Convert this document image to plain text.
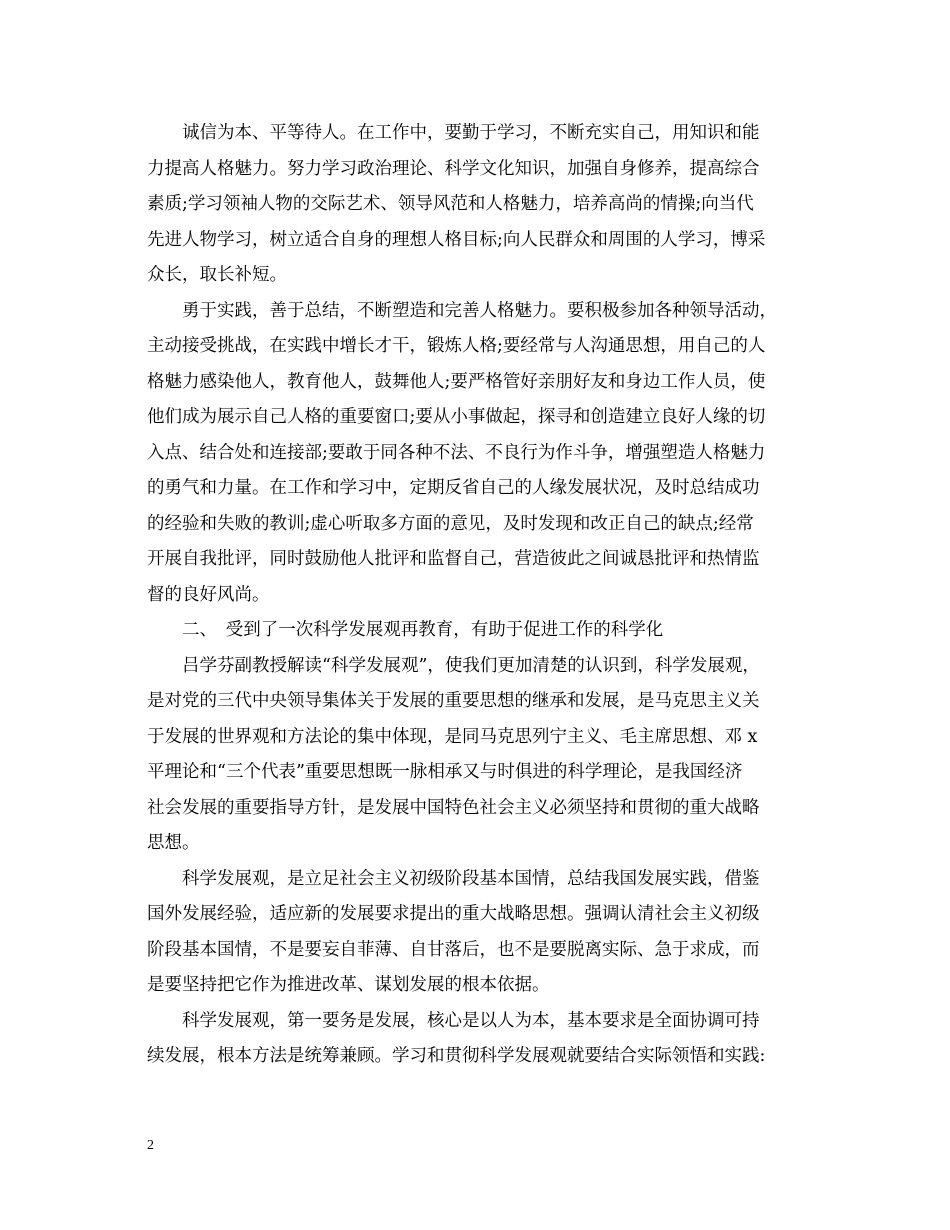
　　诚信为本、平等待人。在工作中，要勤于学习，不断充实自己，用知识和能
力提高人格魅力。努力学习政治理论、科学文化知识，加强自身修养，提高综合
素质;学习领袖人物的交际艺术、领导风范和人格魅力，培养高尚的情操;向当代
先进人物学习，树立适合自身的理想人格目标;向人民群众和周围的人学习，博采
众长，取长补短。
　　勇于实践，善于总结，不断塑造和完善人格魅力。要积极参加各种领导活动，
主动接受挑战，在实践中增长才干，锻炼人格;要经常与人沟通思想，用自己的人
格魅力感染他人，教育他人，鼓舞他人;要严格管好亲朋好友和身边工作人员，使
他们成为展示自己人格的重要窗口;要从小事做起，探寻和创造建立良好人缘的切
入点、结合处和连接部;要敢于同各种不法、不良行为作斗争，增强塑造人格魅力
的勇气和力量。在工作和学习中，定期反省自己的人缘发展状况，及时总结成功
的经验和失败的教训;虚心听取多方面的意见，及时发现和改正自己的缺点;经常
开展自我批评，同时鼓励他人批评和监督自己，营造彼此之间诚恳批评和热情监
督的良好风尚。
　　二、　受到了一次科学发展观再教育，有助于促进工作的科学化
　　吕学芬副教授解读“科学发展观”，使我们更加清楚的认识到，科学发展观，
是对党的三代中央领导集体关于发展的重要思想的继承和发展，是马克思主义关
于发展的世界观和方法论的集中体现，是同马克思列宁主义、毛主席思想、邓 x
平理论和“三个代表”重要思想既一脉相承又与时俱进的科学理论，是我国经济
社会发展的重要指导方针，是发展中国特色社会主义必须坚持和贯彻的重大战略
思想。
　　科学发展观，是立足社会主义初级阶段基本国情，总结我国发展实践，借鉴
国外发展经验，适应新的发展要求提出的重大战略思想。强调认清社会主义初级
阶段基本国情，不是要妄自菲薄、自甘落后，也不是要脱离实际、急于求成，而
是要坚持把它作为推进改革、谋划发展的根本依据。
　　科学发展观，第一要务是发展，核心是以人为本，基本要求是全面协调可持
续发展，根本方法是统筹兼顾。学习和贯彻科学发展观就要结合实际领悟和实践:
2
